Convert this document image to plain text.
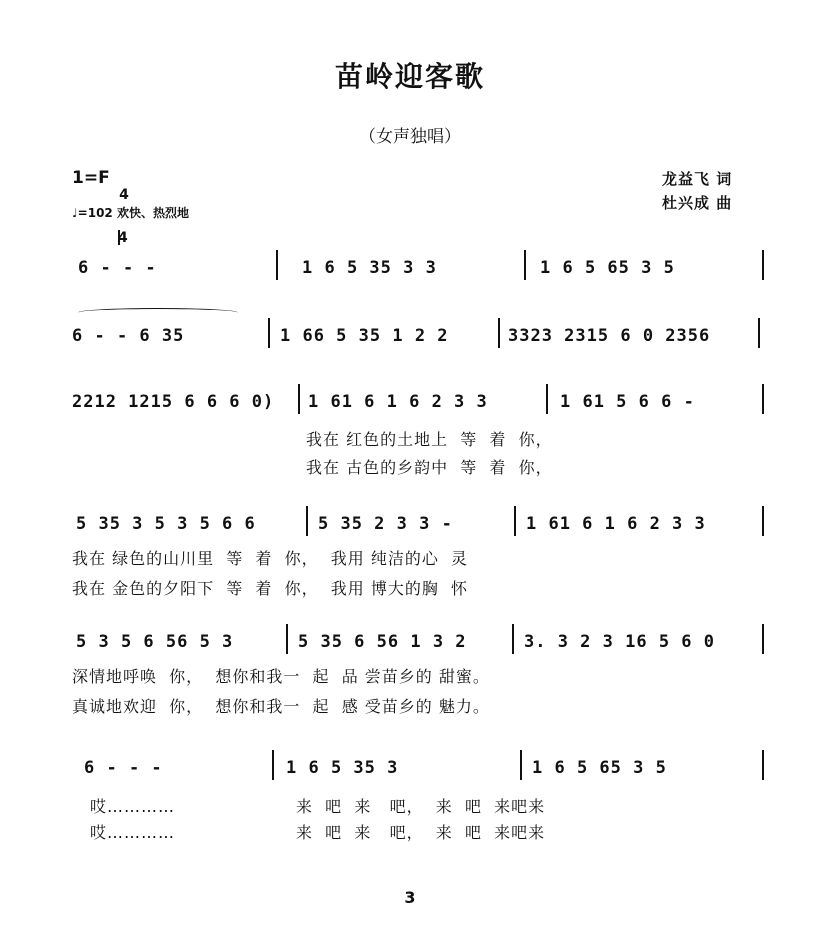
苗岭迎客歌
（女声独唱）
1=F

4

4

♩=102 欢快、热烈地
龙益飞 词
杜兴成 曲
6 - - -	1 6 5 35 3 3	1 6 5 65 3 5
6 - - 6 35	1 66 5 35 1 2 2	3323 2315 6 0 2356
2212 1215 6 6 6 0) 1 61 6 1 6 2 3 3	1 61 5 6 6 -
我在 红色的土地上  等  着  你，
我在 古色的乡韵中  等  着  你，
5 35 3 5 3 5 6 6	5 35 2 3 3 -	1 61 6 1 6 2 3 3
我在 绿色的山川里  等  着  你，  我用 纯洁的心  灵
我在 金色的夕阳下  等  着  你，  我用 博大的胸  怀
5 3 5 6 56 5 3	5 35 6 56 1 3 2	3. 3 2 3 16 5 6 0
深情地呼唤  你，  想你和我一  起  品 尝苗乡的 甜蜜。
真诚地欢迎  你，  想你和我一  起  感 受苗乡的 魅力。
6 - - -	1 6 5 35 3	1 6 5 65 3 5
哎…………	来  吧  来   吧，  来  吧  来吧来
哎…………	来  吧  来   吧，  来  吧  来吧来
3
